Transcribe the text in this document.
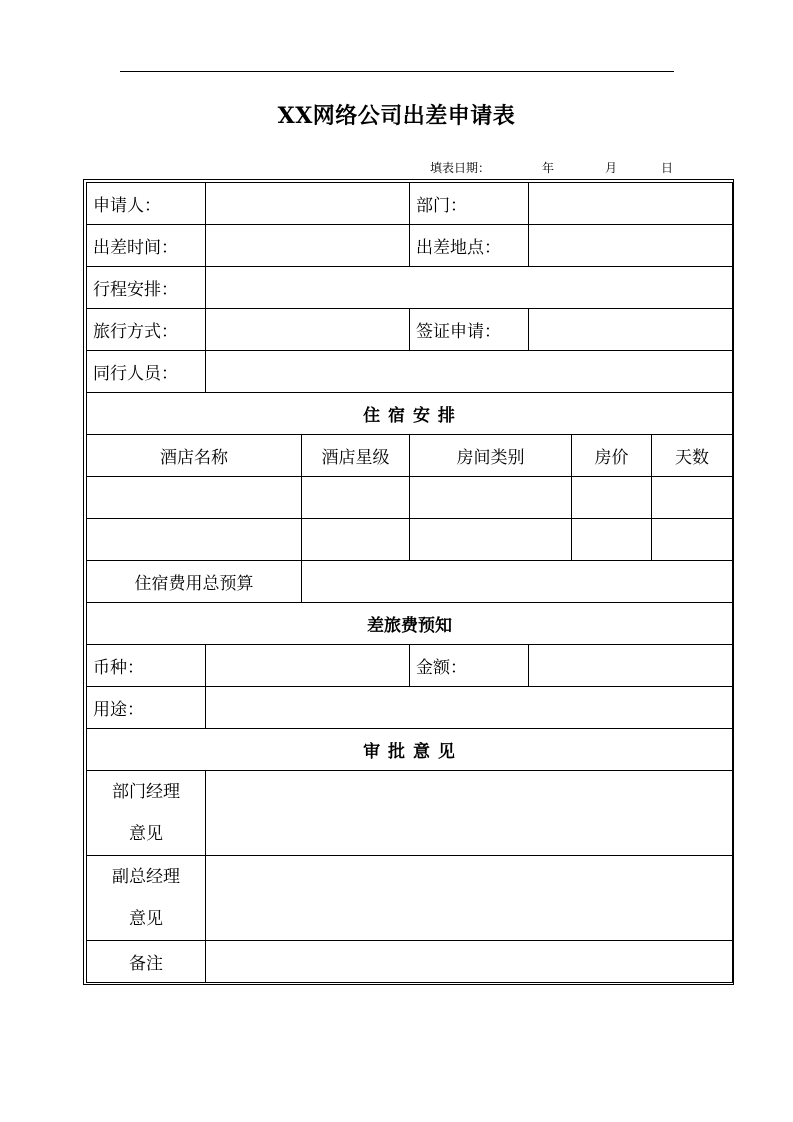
XX网络公司出差申请表
填表日期：	年	月	日
申请人：			部门：			
出差时间：			出差地点：			
行程安排：						
旅行方式：			签证申请：			
同行人员：						
住 宿 安 排						
酒店名称		酒店星级	房间类别		房价	天数

住宿费用总预算						
差旅费预知						
币种：			金额：			
用途：						
审 批 意 见						

部门经理
意见						

副总经理
意见						

备注						
